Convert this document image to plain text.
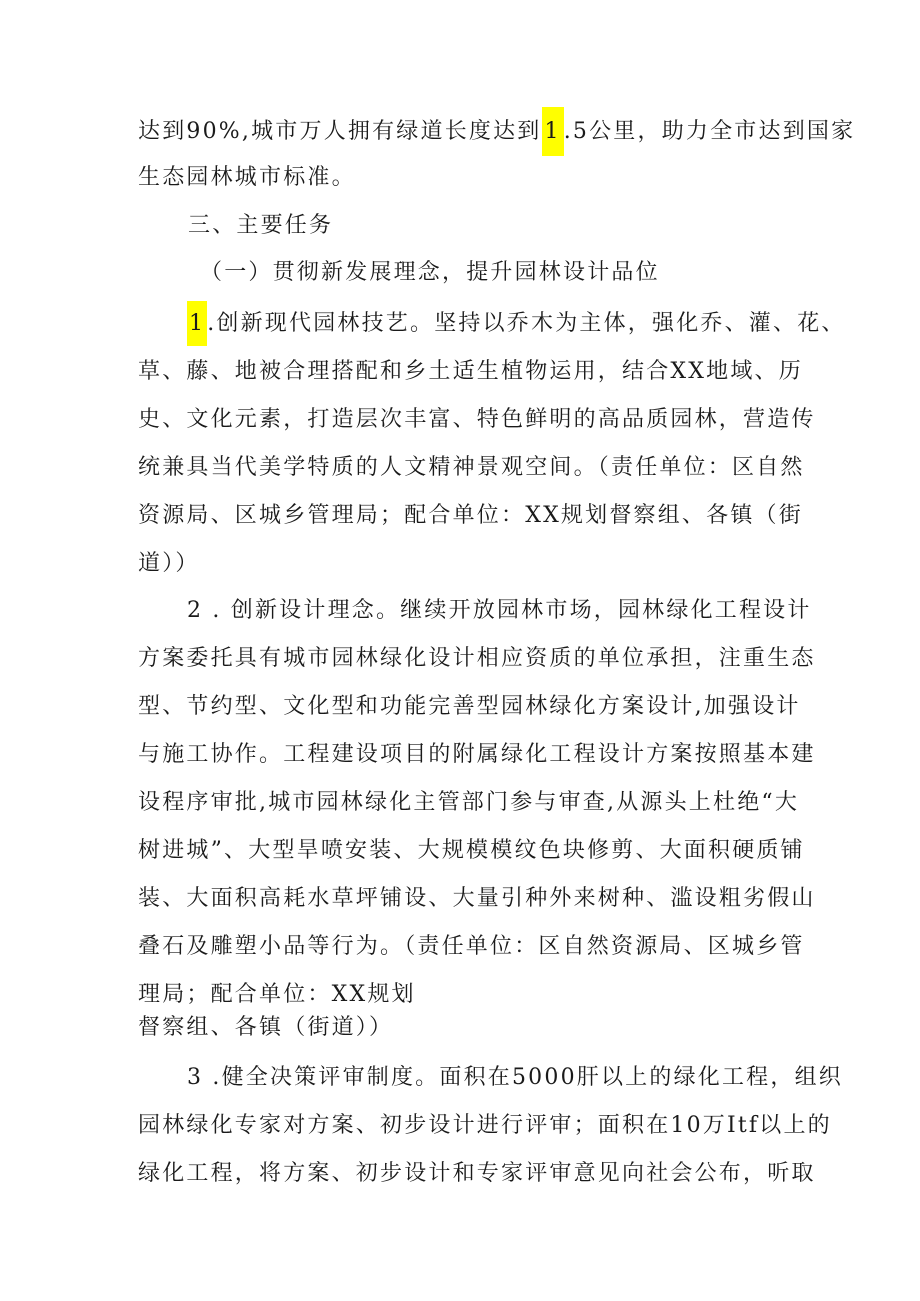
达到90%,城市万人拥有绿道长度达到 1 .5公里，助力全市达到国家
生态园林城市标准。
三、主要任务
（一）贯彻新发展理念，提升园林设计品位
1.创新现代园林技艺。坚持以乔木为主体，强化乔、灌、花、
草、藤、地被合理搭配和乡土适生植物运用，结合XX地域、历
史、文化元素，打造层次丰富、特色鲜明的高品质园林，营造传
统兼具当代美学特质的人文精神景观空间。（责任单位：区自然
资源局、区城乡管理局；配合单位：XX规划督察组、各镇（街
道））
2 . 创新设计理念。继续开放园林市场，园林绿化工程设计
方案委托具有城市园林绿化设计相应资质的单位承担，注重生态
型、节约型、文化型和功能完善型园林绿化方案设计,加强设计
与施工协作。工程建设项目的附属绿化工程设计方案按照基本建
设程序审批,城市园林绿化主管部门参与审查,从源头上杜绝“大
树进城”、大型旱喷安装、大规模模纹色块修剪、大面积硬质铺
装、大面积高耗水草坪铺设、大量引种外来树种、滥设粗劣假山
叠石及雕塑小品等行为。（责任单位：区自然资源局、区城乡管
理局；配合单位：XX规划
督察组、各镇（街道））
3 .健全决策评审制度。面积在5000肝以上的绿化工程，组织
园林绿化专家对方案、初步设计进行评审；面积在10万Itf以上的
绿化工程，将方案、初步设计和专家评审意见向社会公布，听取
